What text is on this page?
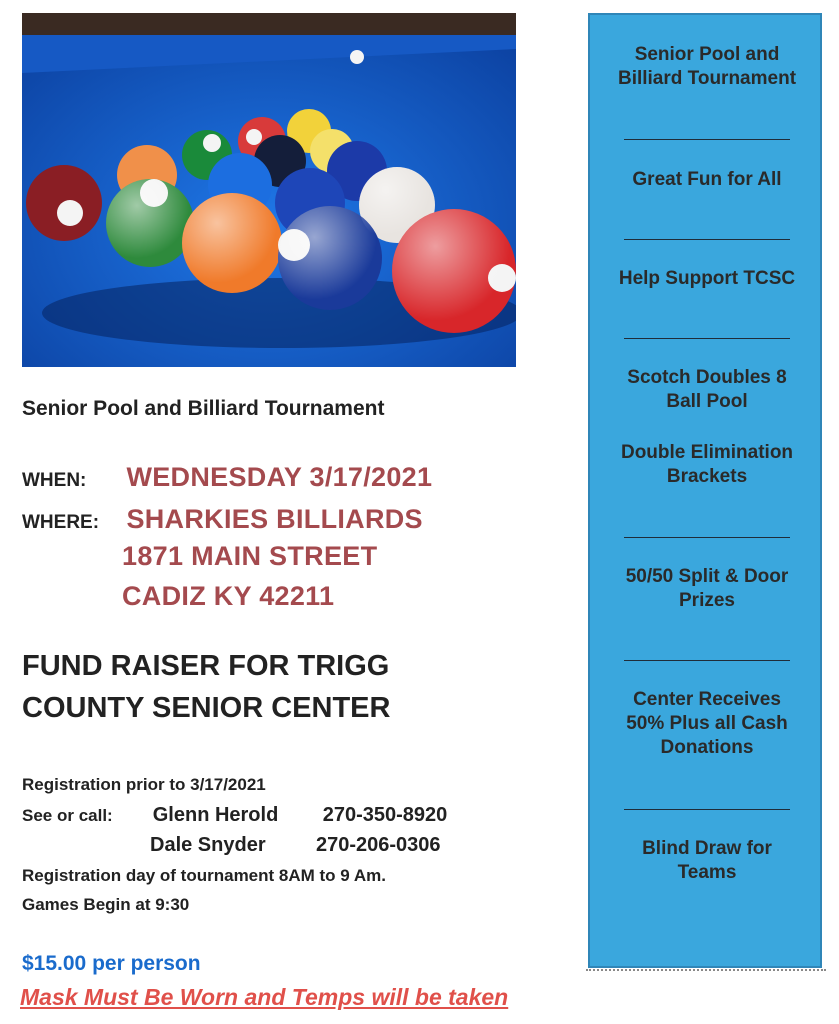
Senior Pool and Billiard Tournament
WHEN: WEDNESDAY 3/17/2021
WHERE: SHARKIES BILLIARDS
1871 MAIN STREET
CADIZ KY 42211
FUND RAISER FOR TRIGG
COUNTY SENIOR CENTER
Registration prior to 3/17/2021
See or call: Glenn Herold 270-350-8920
Dale Snyder	270-206-0306
Registration day of tournament 8AM to 9 Am.
Games Begin at 9:30
$15.00 per person
Mask Must Be Worn and Temps will be taken
Senior Pool and
Billiard Tournament
Great Fun for All
Help Support TCSC
Scotch Doubles 8
Ball Pool
Double Elimination
Brackets
50/50 Split & Door
Prizes
Center Receives
50% Plus all Cash
Donations
Blind Draw for
Teams
